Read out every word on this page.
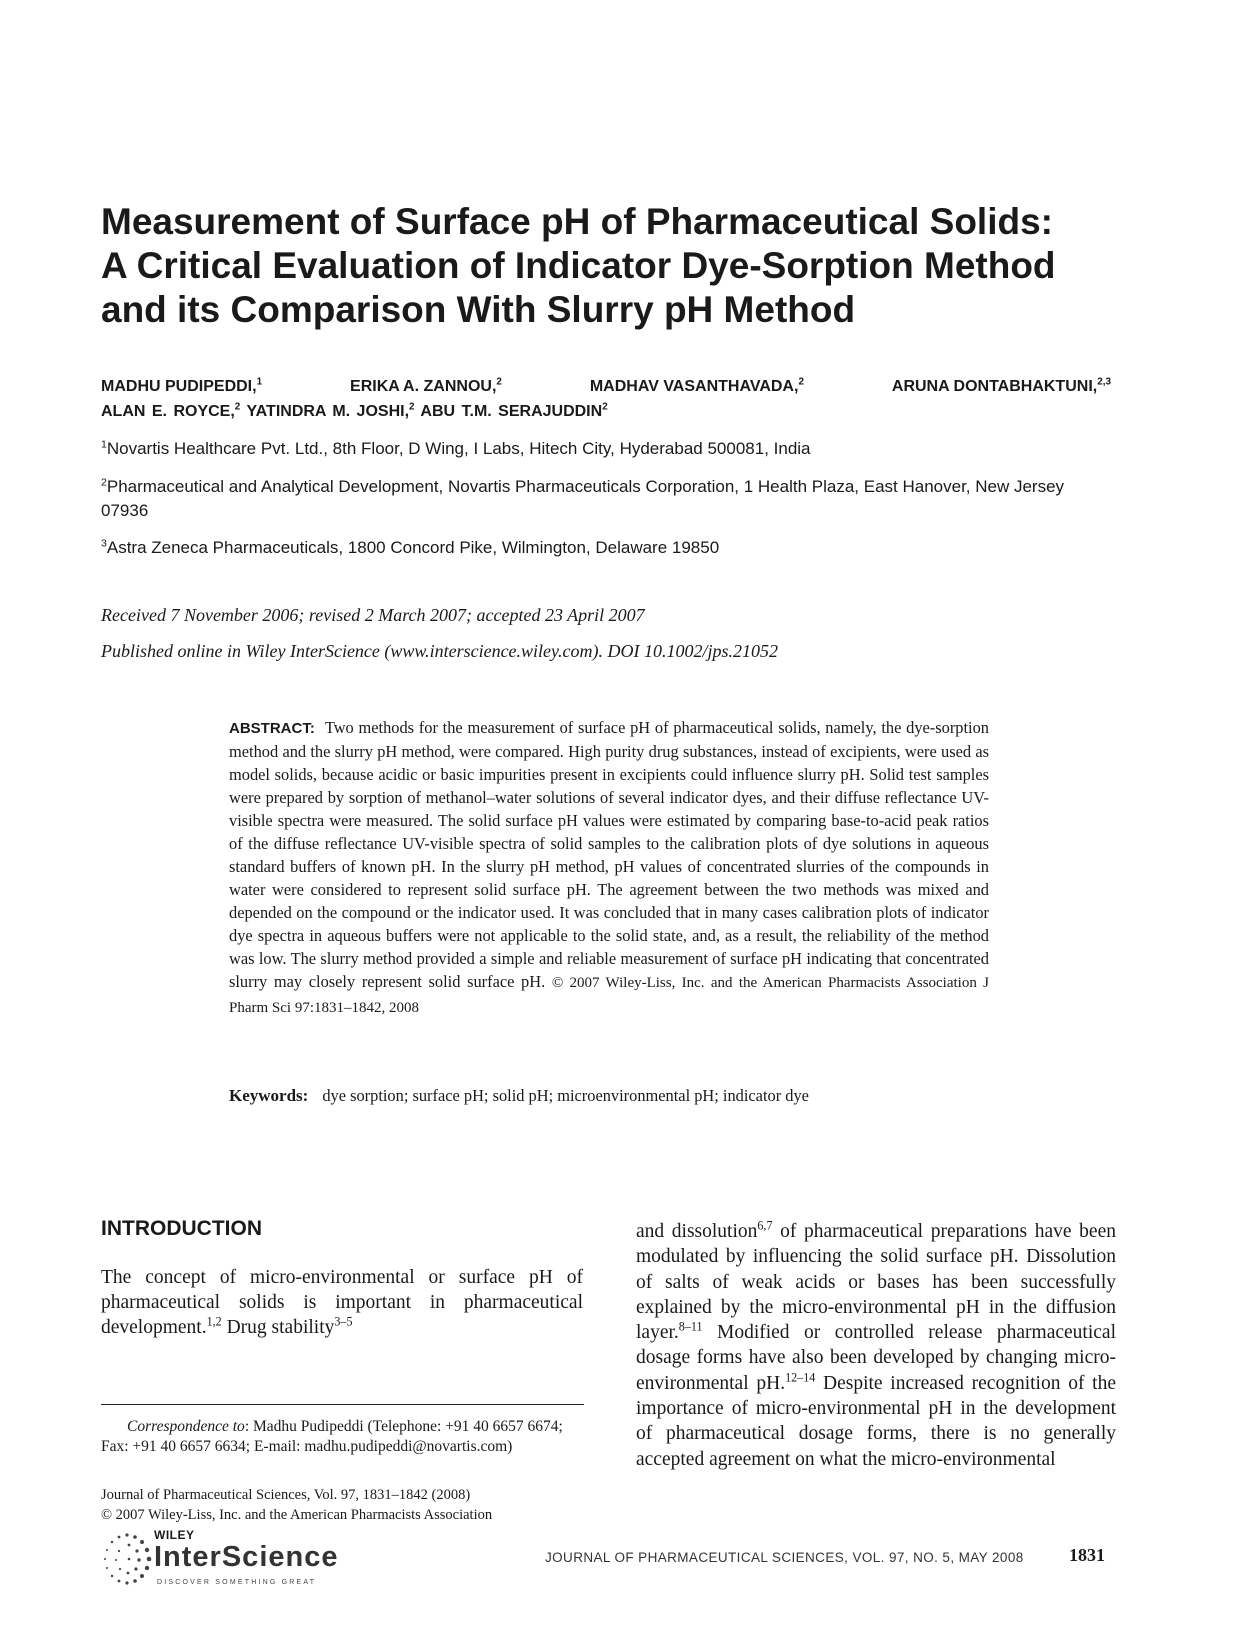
Measurement of Surface pH of Pharmaceutical Solids:
A Critical Evaluation of Indicator Dye-Sorption Method
and its Comparison With Slurry pH Method
MADHU PUDIPEDDI,$^1$	ERIKA A. ZANNOU,$^2$	MADHAV VASANTHAVADA,$^2$	ARUNA DONTABHAKTUNI,$^{2,3}$
ALAN E. ROYCE,$^2$ YATINDRA M. JOSHI,$^2$ ABU T.M. SERAJUDDIN$^2$
$^1$Novartis Healthcare Pvt. Ltd., 8th Floor, D Wing, I Labs, Hitech City, Hyderabad 500081, India
$^2$Pharmaceutical and Analytical Development, Novartis Pharmaceuticals Corporation, 1 Health Plaza, East Hanover, New Jersey 07936
$^3$Astra Zeneca Pharmaceuticals, 1800 Concord Pike, Wilmington, Delaware 19850
Received 7 November 2006; revised 2 March 2007; accepted 23 April 2007
Published online in Wiley InterScience (www.interscience.wiley.com). DOI 10.1002/jps.21052
ABSTRACT: Two methods for the measurement of surface pH of pharmaceutical solids, namely, the dye-sorption method and the slurry pH method, were compared. High purity drug substances, instead of excipients, were used as model solids, because acidic or basic impurities present in excipients could influence slurry pH. Solid test samples were prepared by sorption of methanol–water solutions of several indicator dyes, and their diffuse reflectance UV-visible spectra were measured. The solid surface pH values were estimated by comparing base-to-acid peak ratios of the diffuse reflectance UV-visible spectra of solid samples to the calibration plots of dye solutions in aqueous standard buffers of known pH. In the slurry pH method, pH values of concentrated slurries of the compounds in water were considered to represent solid surface pH. The agreement between the two methods was mixed and depended on the compound or the indicator used. It was concluded that in many cases calibration plots of indicator dye spectra in aqueous buffers were not applicable to the solid state, and, as a result, the reliability of the method was low. The slurry method provided a simple and reliable measurement of surface pH indicating that concentrated slurry may closely represent solid surface pH. © 2007 Wiley-Liss, Inc. and the American Pharmacists Association J Pharm Sci 97:1831–1842, 2008
Keywords: dye sorption; surface pH; solid pH; microenvironmental pH; indicator dye
INTRODUCTION
The concept of micro-environmental or surface pH of pharmaceutical solids is important in pharmaceutical development.$^{1,2}$ Drug stability$^{3-5}$
and dissolution$^{6,7}$ of pharmaceutical preparations have been modulated by influencing the solid surface pH. Dissolution of salts of weak acids or bases has been successfully explained by the micro-environmental pH in the diffusion layer.$^{8-11}$ Modified or controlled release pharmaceutical dosage forms have also been developed by changing micro-environmental pH.$^{12-14}$ Despite increased recognition of the importance of micro-environmental pH in the development of pharmaceutical dosage forms, there is no generally accepted agreement on what the micro-environmental
Correspondence to: Madhu Pudipeddi (Telephone: +91 40 6657 6674; Fax: +91 40 6657 6634; E-mail: madhu.pudipeddi@novartis.com)
Journal of Pharmaceutical Sciences, Vol. 97, 1831–1842 (2008)
© 2007 Wiley-Liss, Inc. and the American Pharmacists Association
WILEY
InterScience
DISCOVER SOMETHING GREAT
JOURNAL OF PHARMACEUTICAL SCIENCES, VOL. 97, NO. 5, MAY 2008	1831
